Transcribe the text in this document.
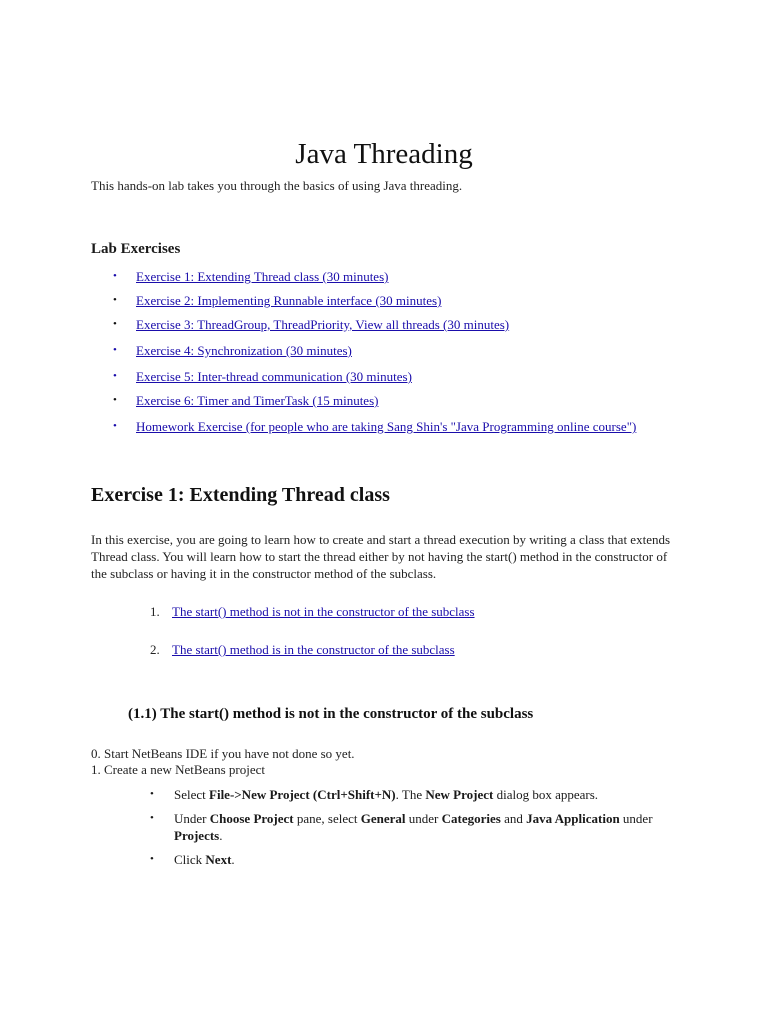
Java Threading

This hands-on lab takes you through the basics of using Java threading.

Lab Exercises
• Exercise 1: Extending Thread class (30 minutes)
• Exercise 2: Implementing Runnable interface (30 minutes)
• Exercise 3: ThreadGroup, ThreadPriority, View all threads (30 minutes)
• Exercise 4: Synchronization (30 minutes)
• Exercise 5: Inter-thread communication (30 minutes)
• Exercise 6: Timer and TimerTask (15 minutes)
• Homework Exercise (for people who are taking Sang Shin's "Java Programming online course")
Exercise 1: Extending Thread class

In this exercise, you are going to learn how to create and start a thread execution by writing a class that extends Thread class. You will learn how to start the thread either by not having the start() method in the constructor of the subclass or having it in the constructor method of the subclass.

1. The start() method is not in the constructor of the subclass
2. The start() method is in the constructor of the subclass
(1.1) The start() method is not in the constructor of the subclass

0. Start NetBeans IDE if you have not done so yet.

1. Create a new NetBeans project

• Select File->New Project (Ctrl+Shift+N). The New Project dialog box appears.
• Under Choose Project pane, select General under Categories and Java Application under Projects.
• Click Next.
